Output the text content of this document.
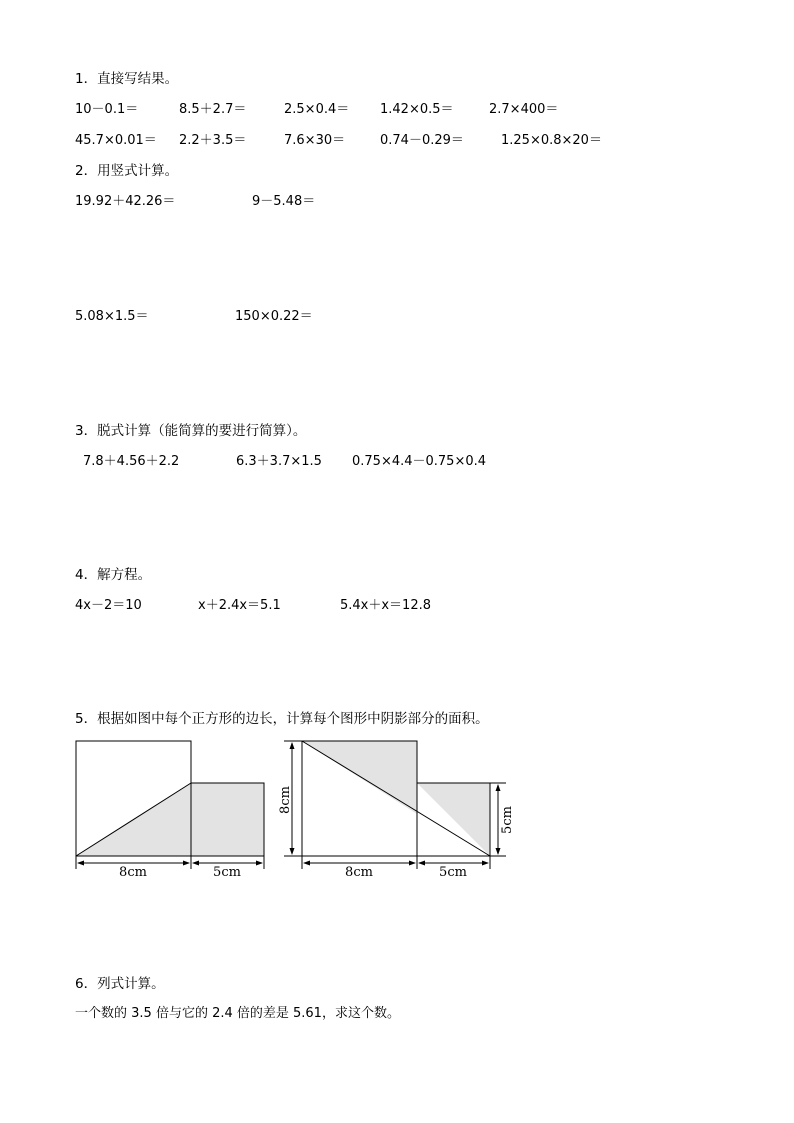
1．直接写结果。
10－0.1＝	8.5＋2.7＝	2.5×0.4＝ 1.42×0.5＝	2.7×400＝
45.7×0.01＝ 2.2＋3.5＝	7.6×30＝	0.74－0.29＝	1.25×0.8×20＝
2．用竖式计算。
19.92＋42.26＝	9－5.48＝
5.08×1.5＝	150×0.22＝
3．脱式计算（能简算的要进行简算）。
7.8＋4.56＋2.2	6.3＋3.7×1.5 0.75×4.4－0.75×0.4
4．解方程。
4x－2＝10	x＋2.4x＝5.1	5.4x＋x＝12.8
5．根据如图中每个正方形的边长，计算每个图形中阴影部分的面积。
8cm	5cm
8cm
5cm
8cm	5cm
6．列式计算。
一个数的 3.5 倍与它的 2.4 倍的差是 5.61，求这个数。
